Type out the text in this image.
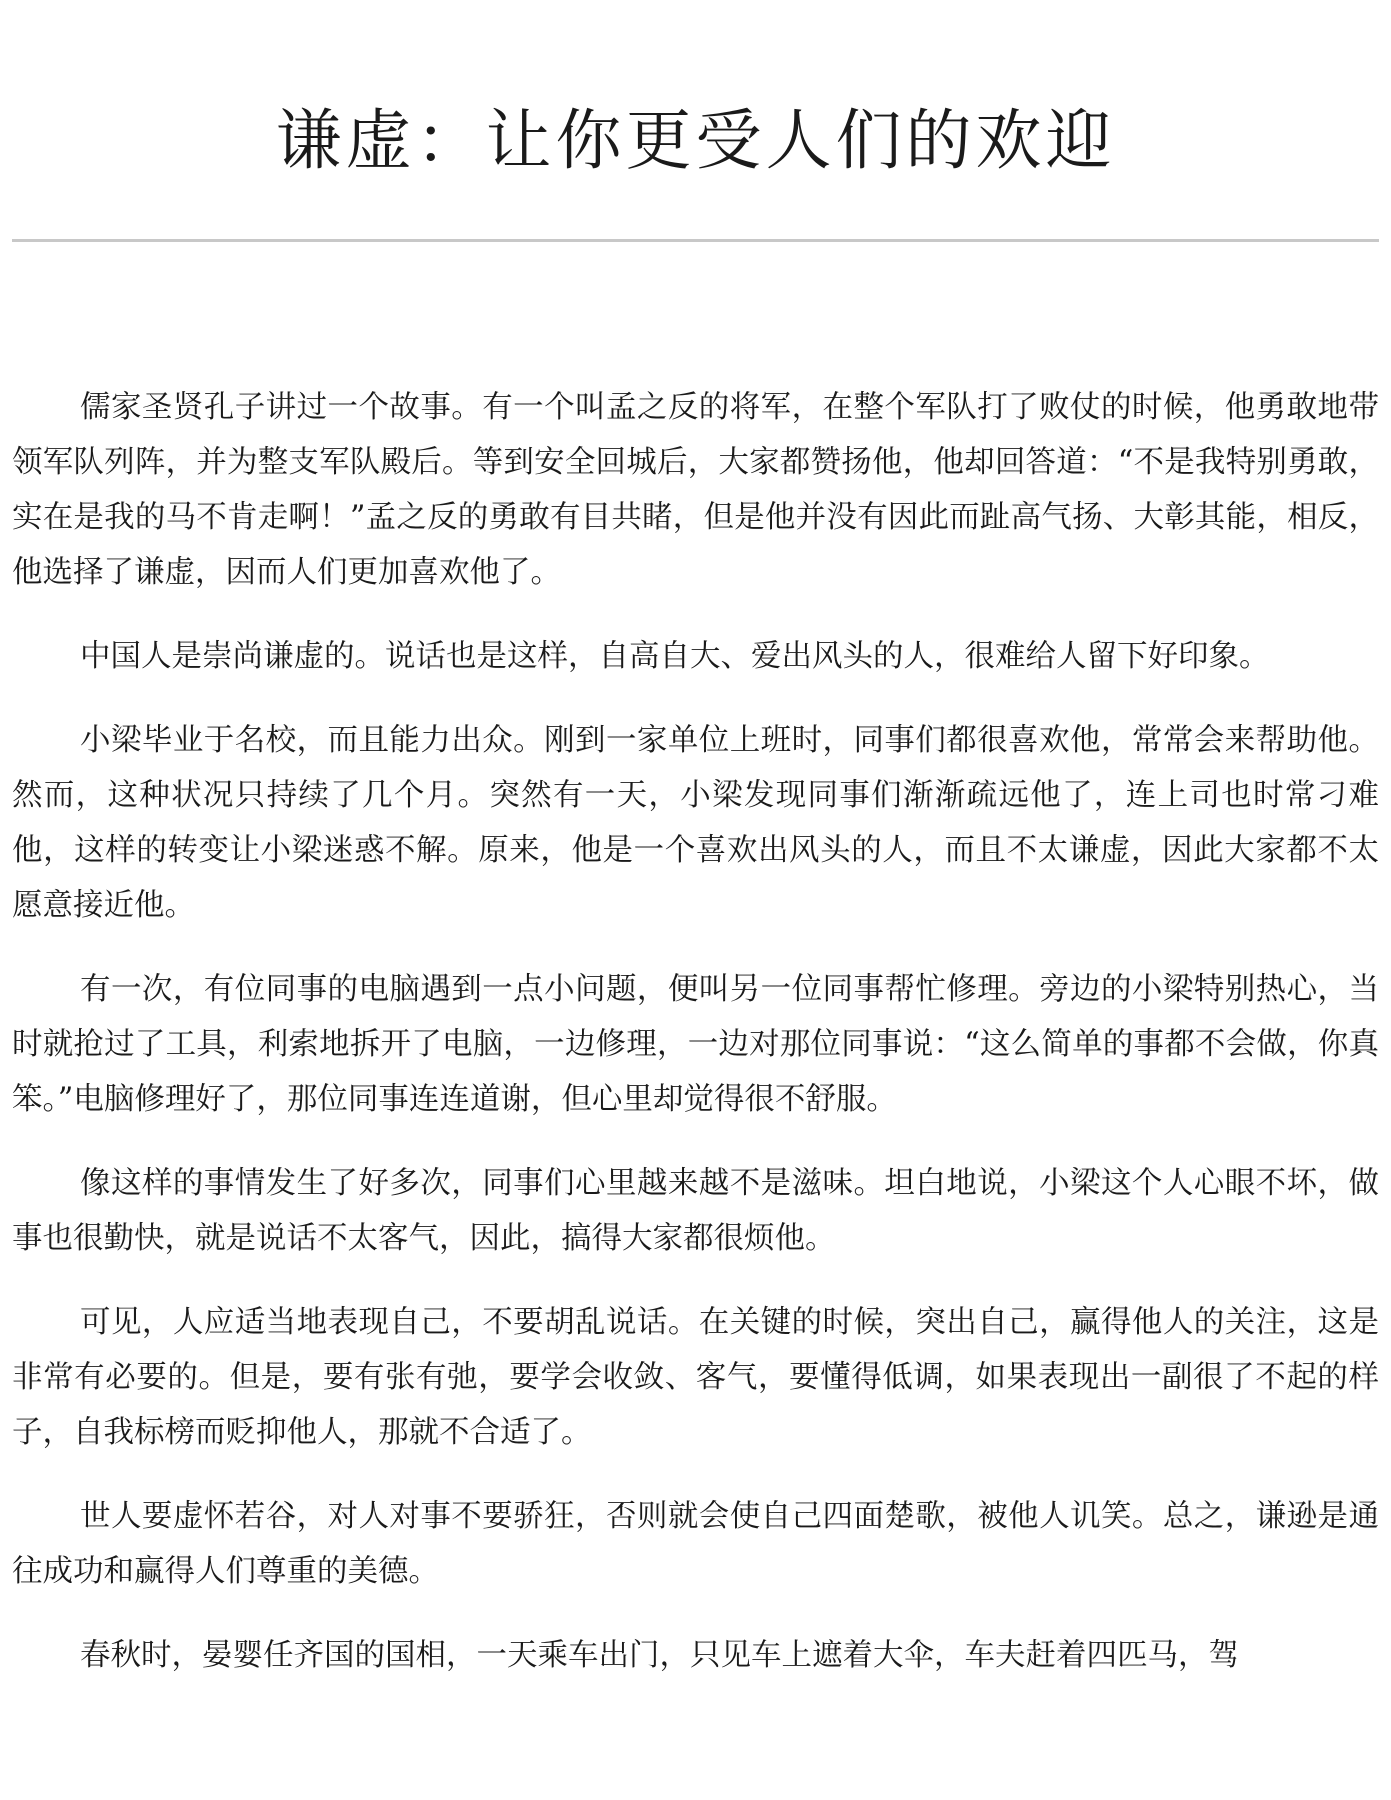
谦虚：让你更受人们的欢迎

儒家圣贤孔子讲过一个故事。有一个叫孟之反的将军，在整个军队打了败仗的时候，他勇敢地带领军队列阵，并为整支军队殿后。等到安全回城后，大家都赞扬他，他却回答道：“不是我特别勇敢，实在是我的马不肯走啊！”孟之反的勇敢有目共睹，但是他并没有因此而趾高气扬、大彰其能，相反，他选择了谦虚，因而人们更加喜欢他了。

中国人是崇尚谦虚的。说话也是这样，自高自大、爱出风头的人，很难给人留下好印象。

小梁毕业于名校，而且能力出众。刚到一家单位上班时，同事们都很喜欢他，常常会来帮助他。然而，这种状况只持续了几个月。突然有一天，小梁发现同事们渐渐疏远他了，连上司也时常刁难他，这样的转变让小梁迷惑不解。原来，他是一个喜欢出风头的人，而且不太谦虚，因此大家都不太愿意接近他。

有一次，有位同事的电脑遇到一点小问题，便叫另一位同事帮忙修理。旁边的小梁特别热心，当时就抢过了工具，利索地拆开了电脑，一边修理，一边对那位同事说：“这么简单的事都不会做，你真笨。”电脑修理好了，那位同事连连道谢，但心里却觉得很不舒服。

像这样的事情发生了好多次，同事们心里越来越不是滋味。坦白地说，小梁这个人心眼不坏，做事也很勤快，就是说话不太客气，因此，搞得大家都很烦他。

可见，人应适当地表现自己，不要胡乱说话。在关键的时候，突出自己，赢得他人的关注，这是非常有必要的。但是，要有张有弛，要学会收敛、客气，要懂得低调，如果表现出一副很了不起的样子，自我标榜而贬抑他人，那就不合适了。

世人要虚怀若谷，对人对事不要骄狂，否则就会使自己四面楚歌，被他人讥笑。总之，谦逊是通往成功和赢得人们尊重的美德。

春秋时，晏婴任齐国的国相，一天乘车出门，只见车上遮着大伞，车夫赶着四匹马，驾
